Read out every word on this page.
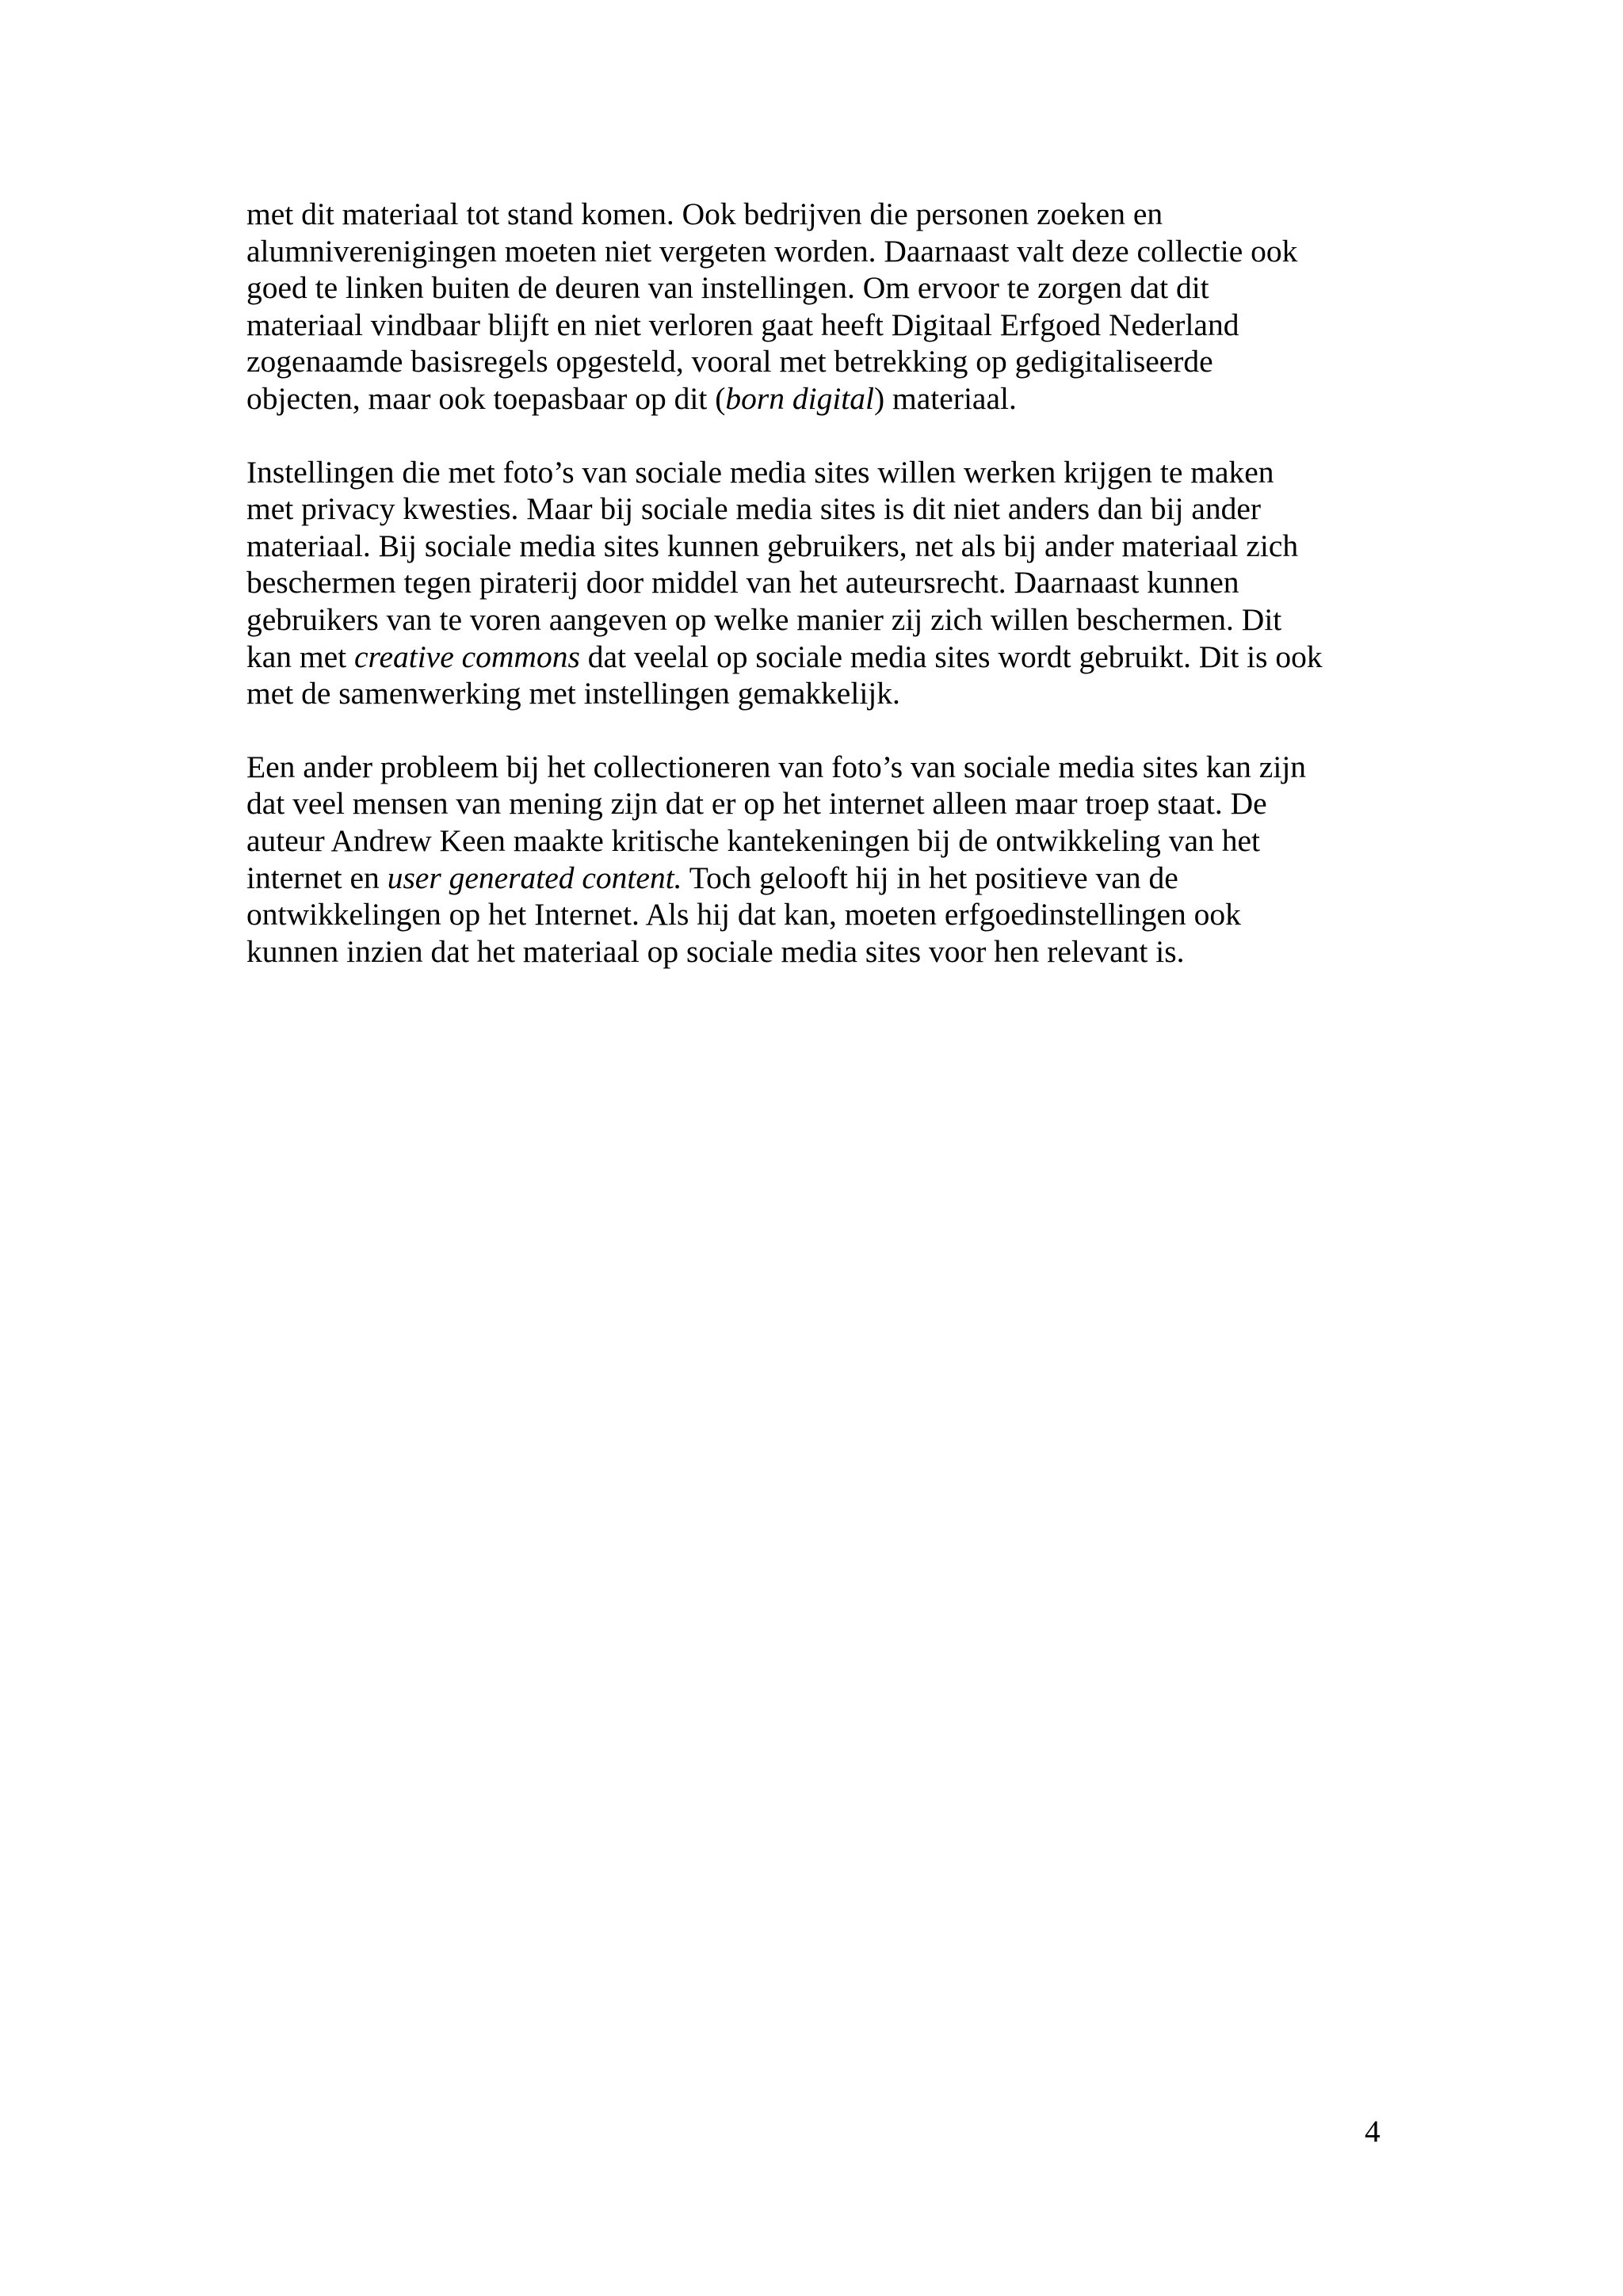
met dit materiaal tot stand komen. Ook bedrijven die personen zoeken en
alumniverenigingen moeten niet vergeten worden. Daarnaast valt deze collectie ook
goed te linken buiten de deuren van instellingen. Om ervoor te zorgen dat dit
materiaal vindbaar blijft en niet verloren gaat heeft Digitaal Erfgoed Nederland
zogenaamde basisregels opgesteld, vooral met betrekking op gedigitaliseerde
objecten, maar ook toepasbaar op dit (born digital) materiaal.

Instellingen die met foto’s van sociale media sites willen werken krijgen te maken
met privacy kwesties. Maar bij sociale media sites is dit niet anders dan bij ander
materiaal. Bij sociale media sites kunnen gebruikers, net als bij ander materiaal zich
beschermen tegen piraterij door middel van het auteursrecht. Daarnaast kunnen
gebruikers van te voren aangeven op welke manier zij zich willen beschermen. Dit
kan met creative commons dat veelal op sociale media sites wordt gebruikt. Dit is ook
met de samenwerking met instellingen gemakkelijk.

Een ander probleem bij het collectioneren van foto’s van sociale media sites kan zijn
dat veel mensen van mening zijn dat er op het internet alleen maar troep staat. De
auteur Andrew Keen maakte kritische kantekeningen bij de ontwikkeling van het
internet en user generated content. Toch gelooft hij in het positieve van de
ontwikkelingen op het Internet. Als hij dat kan, moeten erfgoedinstellingen ook
kunnen inzien dat het materiaal op sociale media sites voor hen relevant is.

4
